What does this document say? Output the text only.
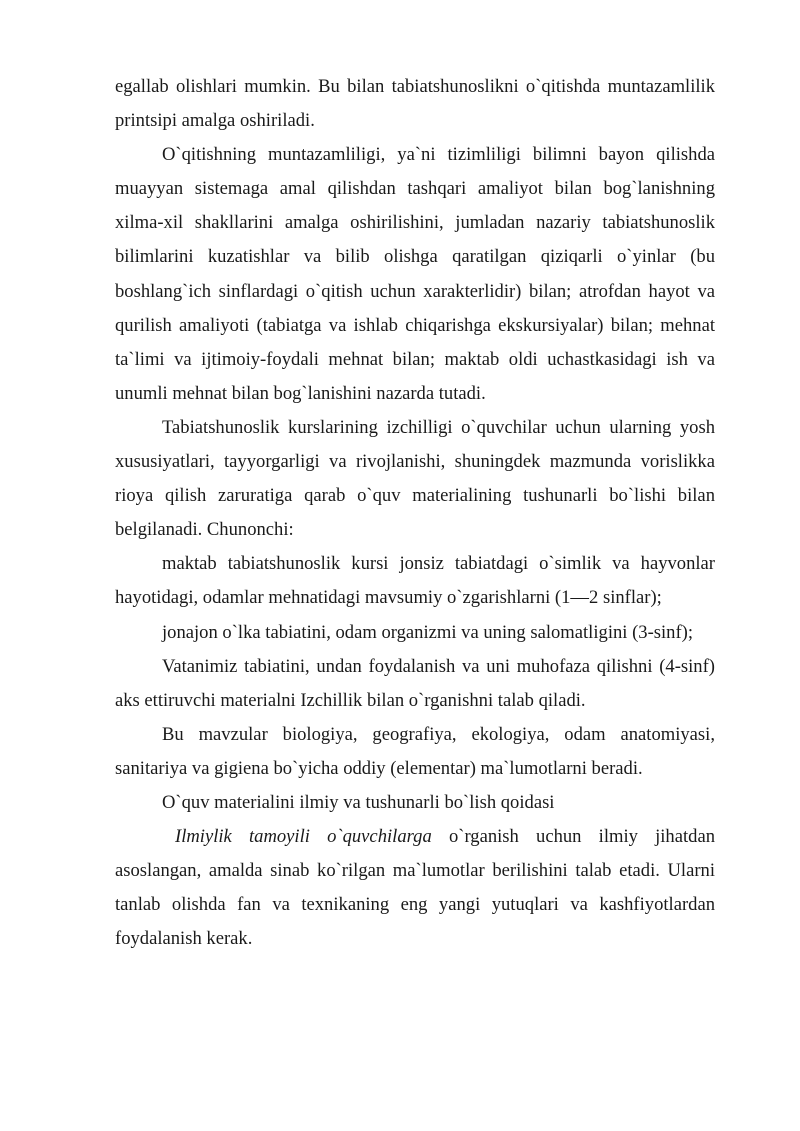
egallab olishlari mumkin. Bu bilan tabiatshunoslikni o`qitishda muntazamlilik printsipi amalga oshiriladi.

O`qitishning muntazamliligi, ya`ni tizimliligi bilimni bayon qilishda muayyan sistemaga amal qilishdan tashqari amaliyot bilan bog`lanishning xilma-xil shakllarini amalga oshirilishini, jumladan nazariy tabiatshunoslik bilimlarini kuzatishlar va bilib olishga qaratilgan qiziqarli o`yinlar (bu boshlang`ich sinflardagi o`qitish uchun xarakterlidir) bilan; atrofdan hayot va qurilish amaliyoti (tabiatga va ishlab chiqarishga ekskursiyalar) bilan; mehnat ta`limi va ijtimoiy-foydali mehnat bilan; maktab oldi uchastkasidagi ish va unumli mehnat bilan bog`lanishini nazarda tutadi.

Tabiatshunoslik kurslarining izchilligi o`quvchilar uchun ularning yosh xususiyatlari, tayyorgarligi va rivojlanishi, shuningdek mazmunda vorislikka rioya qilish zaruratiga qarab o`quv materialining tushunarli bo`lishi bilan belgilanadi. Chunonchi:

maktab tabiatshunoslik kursi jonsiz tabiatdagi o`simlik va hayvonlar hayotidagi, odamlar mehnatidagi mavsumiy o`zgarishlarni (1—2 sinflar);

jonajon o`lka tabiatini, odam organizmi va uning salomatligini (3-sinf);

Vatanimiz tabiatini, undan foydalanish va uni muhofaza qilishni (4-sinf) aks ettiruvchi materialni Izchillik bilan o`rganishni talab qiladi.

Bu mavzular biologiya, geografiya, ekologiya, odam anatomiyasi, sanitariya va gigiena bo`yicha oddiy (elementar) ma`lumotlarni beradi.

O`quv materialini ilmiy va tushunarli bo`lish qoidasi

Ilmiylik tamoyili o`quvchilarga o`rganish uchun ilmiy jihatdan asoslangan, amalda sinab ko`rilgan ma`lumotlar berilishini talab etadi. Ularni tanlab olishda fan va texnikaning eng yangi yutuqlari va kashfiyotlardan foydalanish kerak.
